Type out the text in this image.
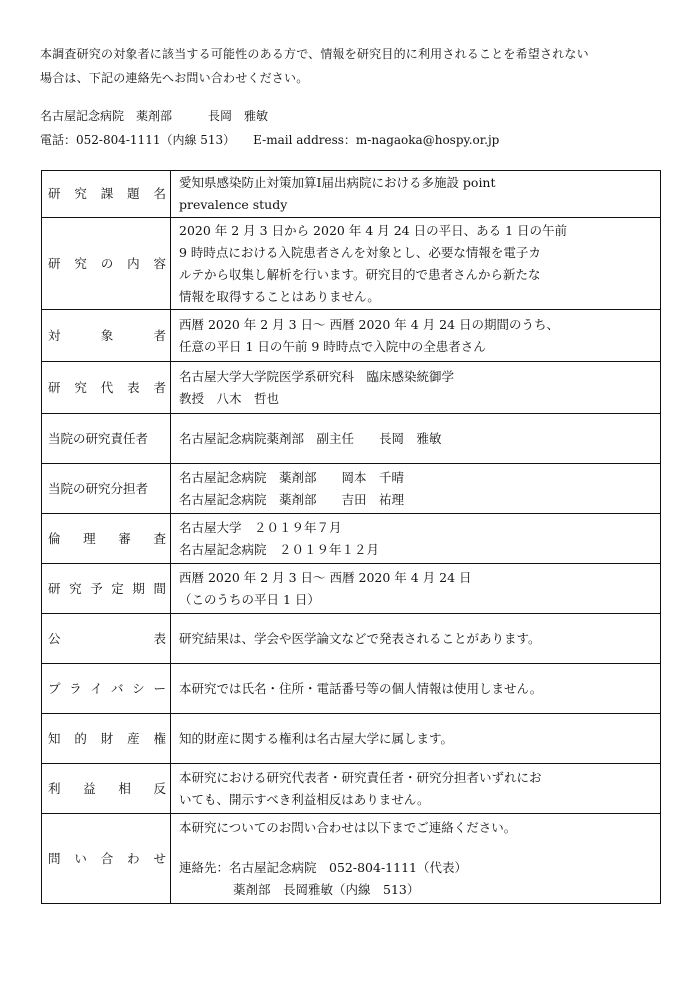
本調査研究の対象者に該当する可能性のある方で、情報を研究目的に利用されることを希望されない
場合は、下記の連絡先へお問い合わせください。
名古屋記念病院　薬剤部　　　長岡　雅敏
電話：052-804-1111（内線 513）　　E-mail address：m-nagaoka@hospy.or.jp
研究課題名	愛知県感染防止対策加算Ⅰ届出病院における多施設 point

prevalence study

研究の内容	2020 年 2 月 3 日から 2020 年 4 月 24 日の平日、ある 1 日の午前

9 時時点における入院患者さんを対象とし、必要な情報を電子カ

ルテから収集し解析を行います。研究目的で患者さんから新たな

情報を取得することはありません。

対象者	西暦 2020 年 2 月 3 日～ 西暦 2020 年 4 月 24 日の期間のうち、

任意の平日 1 日の午前 9 時時点で入院中の全患者さん

研究代表者	名古屋大学大学院医学系研究科　臨床感染統御学

教授　八木　哲也

当院の研究責任者	名古屋記念病院薬剤部　副主任　　長岡　雅敏

当院の研究分担者	名古屋記念病院　薬剤部　　岡本　千晴

名古屋記念病院　薬剤部　　吉田　祐理

倫理審査	名古屋大学　２０１９年７月

名古屋記念病院　２０１９年１２月

研究予定期間	西暦 2020 年 2 月 3 日～ 西暦 2020 年 4 月 24 日

（このうちの平日 1 日）

公表	研究結果は、学会や医学論文などで発表されることがあります。

プライバシー	本研究では氏名・住所・電話番号等の個人情報は使用しません。

知的財産権	知的財産に関する権利は名古屋大学に属します。

利益相反	本研究における研究代表者・研究責任者・研究分担者いずれにお

いても、開示すべき利益相反はありません。

問い合わせ	本研究についてのお問い合わせは以下までご連絡ください。

連絡先：名古屋記念病院　052-804-1111（代表）

薬剤部　長岡雅敏（内線　513）
